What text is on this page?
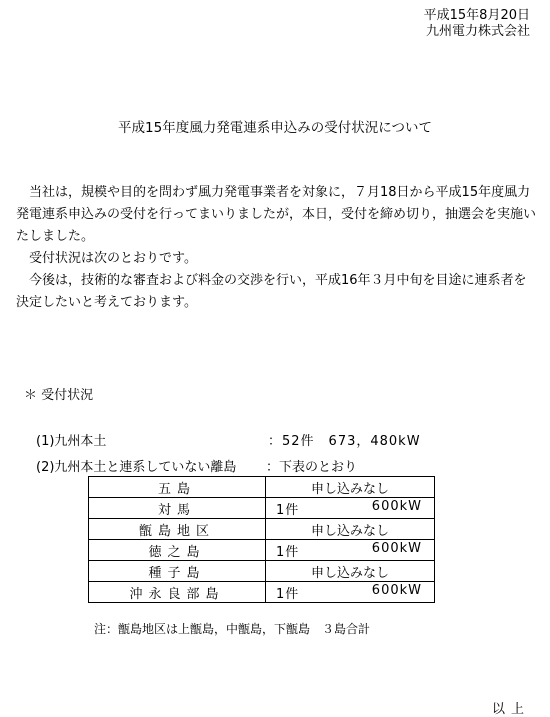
平成15年8月20日
九州電力株式会社
平成15年度風力発電連系申込みの受付状況について
当社は，規模や目的を問わず風力発電事業者を対象に，７月18日から平成15年度風力発電連系申込みの受付を行ってまいりましたが，本日，受付を締め切り，抽選会を実施いたしました。
受付状況は次のとおりです。
今後は，技術的な審査および料金の交渉を行い，平成16年３月中旬を目途に連系者を決定したいと考えております。
＊ 受付状況
(1)九州本土	：52件　673，480kW
(2)九州本土と連系していない離島 ：下表のとおり
五島	申し込みなし
対馬	1件 600kW

甑島地区	申し込みなし
徳之島	1件 600kW

種子島	申し込みなし
沖永良部島	1件 600kW
注：甑島地区は上甑島，中甑島，下甑島　３島合計
以上
